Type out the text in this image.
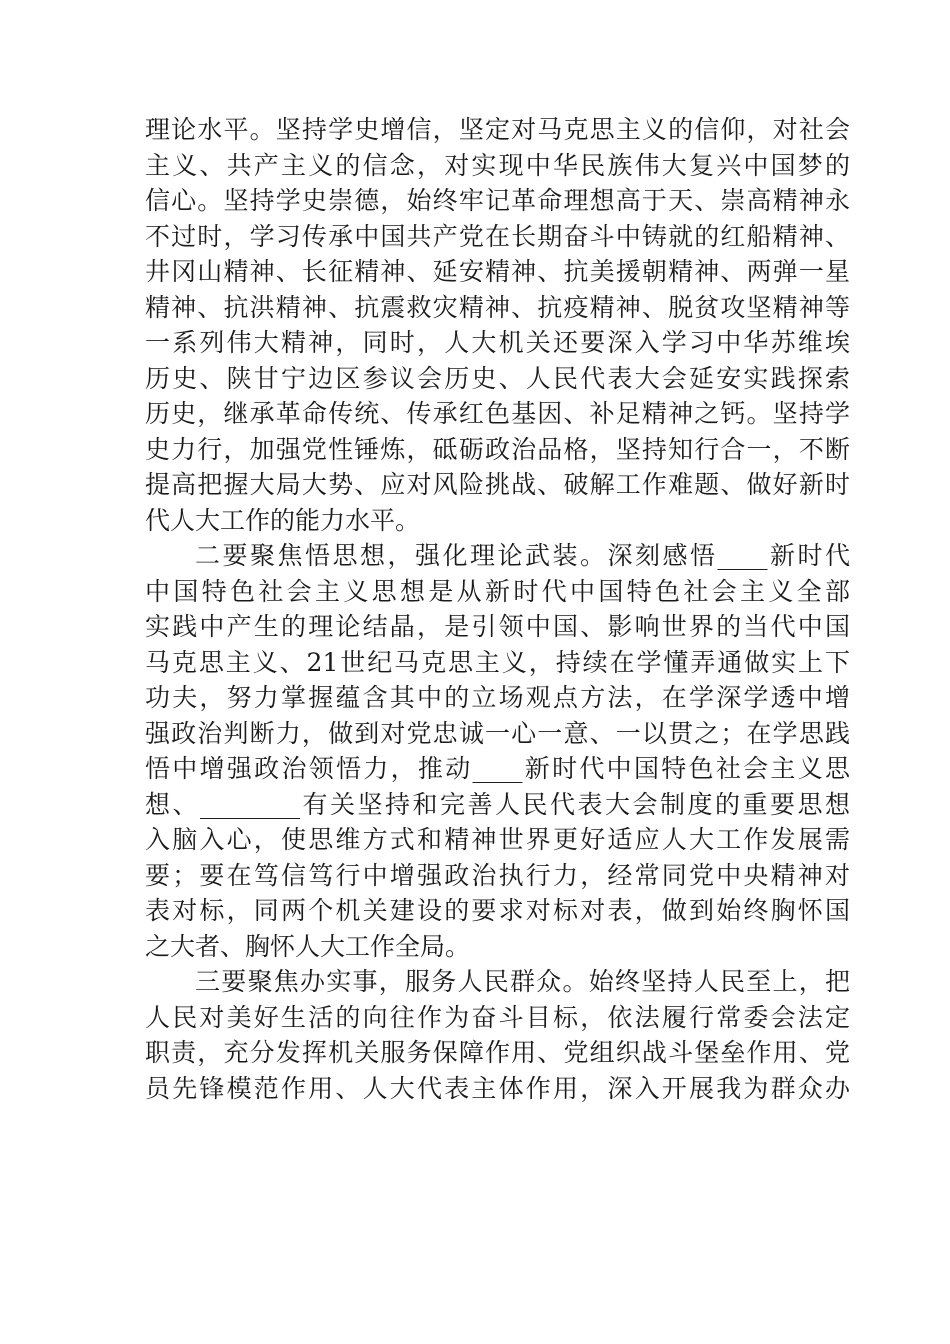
理论水平。坚持学史增信，坚定对马克思主义的信仰，对社会
主义、共产主义的信念，对实现中华民族伟大复兴中国梦的
信心。坚持学史崇德，始终牢记革命理想高于天、崇高精神永
不过时，学习传承中国共产党在长期奋斗中铸就的红船精神、
井冈山精神、长征精神、延安精神、抗美援朝精神、两弹一星
精神、抗洪精神、抗震救灾精神、抗疫精神、脱贫攻坚精神等
一系列伟大精神，同时，人大机关还要深入学习中华苏维埃
历史、陕甘宁边区参议会历史、人民代表大会延安实践探索
历史，继承革命传统、传承红色基因、补足精神之钙。坚持学
史力行，加强党性锤炼，砥砺政治品格，坚持知行合一，不断
提高把握大局大势、应对风险挑战、破解工作难题、做好新时
代人大工作的能力水平。
二要聚焦悟思想，强化理论武装。深刻感悟____新时代
中国特色社会主义思想是从新时代中国特色社会主义全部
实践中产生的理论结晶，是引领中国、影响世界的当代中国
马克思主义、21世纪马克思主义，持续在学懂弄通做实上下
功夫，努力掌握蕴含其中的立场观点方法，在学深学透中增
强政治判断力，做到对党忠诚一心一意、一以贯之；在学思践
悟中增强政治领悟力，推动____新时代中国特色社会主义思
想、________有关坚持和完善人民代表大会制度的重要思想
入脑入心，使思维方式和精神世界更好适应人大工作发展需
要；要在笃信笃行中增强政治执行力，经常同党中央精神对
表对标，同两个机关建设的要求对标对表，做到始终胸怀国
之大者、胸怀人大工作全局。
三要聚焦办实事，服务人民群众。始终坚持人民至上，把
人民对美好生活的向往作为奋斗目标，依法履行常委会法定
职责，充分发挥机关服务保障作用、党组织战斗堡垒作用、党
员先锋模范作用、人大代表主体作用，深入开展我为群众办
